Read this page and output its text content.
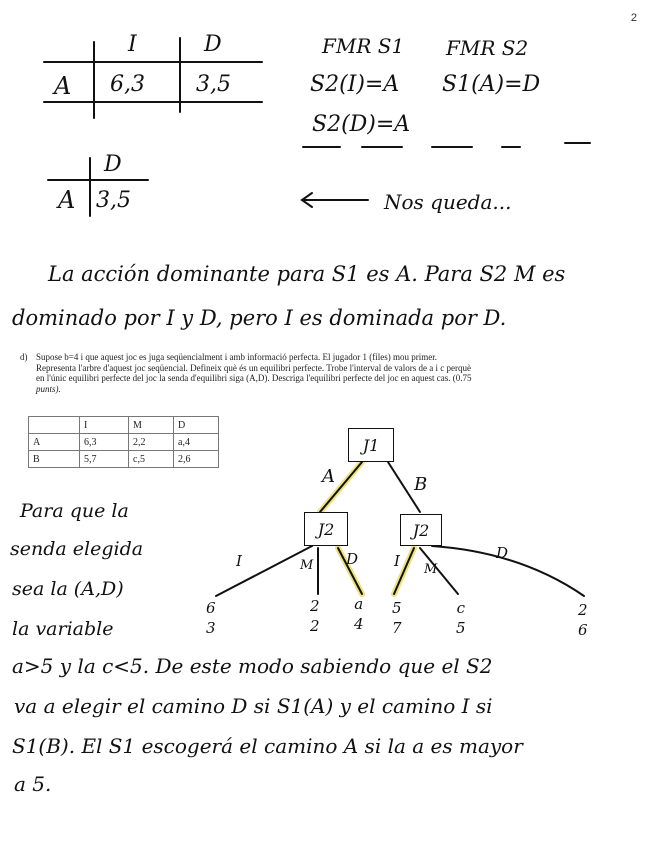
2
I	D
A 6,3 3,5
FMR S1 FMR S2
S2(I)=A
S2(D)=A
S1(A)=D
D
A 3,5	Nos queda...
La acción dominante para S1 es A. Para S2 M es
dominado por I y D, pero I es dominada por D.
d) Supose b=4 i que aquest joc es juga seqüencialment i amb informació perfecta. El jugador 1 (files) mou primer.
Representa l'arbre d'aquest joc seqüencial. Defineix què és un equilibri perfecte. Trobe l'interval de valors de a i c perquè
en l'únic equilibri perfecte del joc la senda d'equilibri siga (A,D). Descriga l'equilibri perfecte del joc en aquest cas. (0.75
punts).
	I	M	D
A	6,3	2,2	a,4
B	5,7	c,5	2,6
J1
J2	J2
A	B
I	M D I M
D
6
3
2
2
a
4
5
7
c
5
2
6
Para que la
senda elegida
sea la (A,D)
la variable
a>5 y la c<5. De este modo sabiendo que el S2
va a elegir el camino D si S1(A) y el camino I si
S1(B). El S1 escogerá el camino A si la a es mayor
a 5.
